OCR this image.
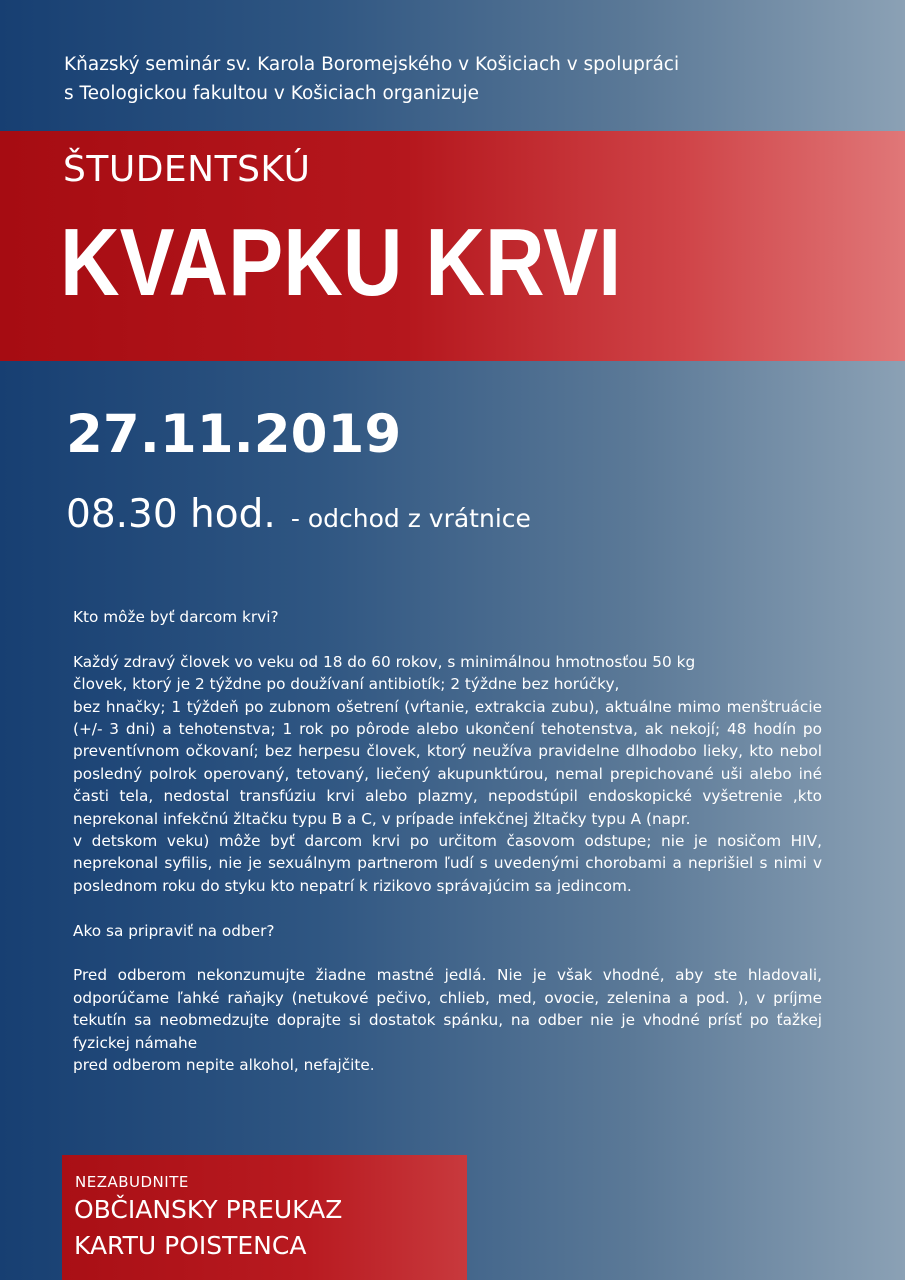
Kňazský seminár sv. Karola Boromejského v Košiciach v spolupráci
s Teologickou fakultou v Košiciach organizuje
ŠTUDENTSKÚ
KVAPKU KRVI
27.11.2019
08.30 hod. - odchod z vrátnice

Kto môže byť darcom krvi?

Každý zdravý človek vo veku od 18 do 60 rokov, s minimálnou hmotnosťou 50 kg

človek, ktorý je 2 týždne po doužívaní antibiotík; 2 týždne bez horúčky,

bez hnačky; 1 týždeň po zubnom ošetrení (vŕtanie, extrakcia zubu), aktuálne mimo menštruácie (+/- 3 dni) a tehotenstva; 1 rok po pôrode alebo ukončení tehotenstva, ak nekojí; 48 hodín po preventívnom očkovaní; bez herpesu človek, ktorý neužíva pravidelne dlhodobo lieky, kto nebol posledný polrok operovaný, tetovaný, liečený akupunktúrou, nemal prepichované uši alebo iné časti tela, nedostal transfúziu krvi alebo plazmy, nepodstúpil endoskopické vyšetrenie ,kto neprekonal infekčnú žltačku typu B a C, v prípade infekčnej žltačky typu A (napr.

v detskom veku) môže byť darcom krvi po určitom časovom odstupe; nie je nosičom HIV, neprekonal syfilis, nie je sexuálnym partnerom ľudí s uvedenými chorobami a neprišiel s nimi v poslednom roku do styku kto nepatrí k rizikovo správajúcim sa jedincom.

Ako sa pripraviť na odber?

Pred odberom nekonzumujte žiadne mastné jedlá. Nie je však vhodné, aby ste hladovali, odporúčame ľahké raňajky (netukové pečivo, chlieb, med, ovocie, zelenina a pod. ), v príjme tekutín sa neobmedzujte doprajte si dostatok spánku, na odber nie je vhodné prísť po ťažkej fyzickej námahe

pred odberom nepite alkohol, nefajčite.

NEZABUDNITE
OBČIANSKY PREUKAZ
KARTU POISTENCA
